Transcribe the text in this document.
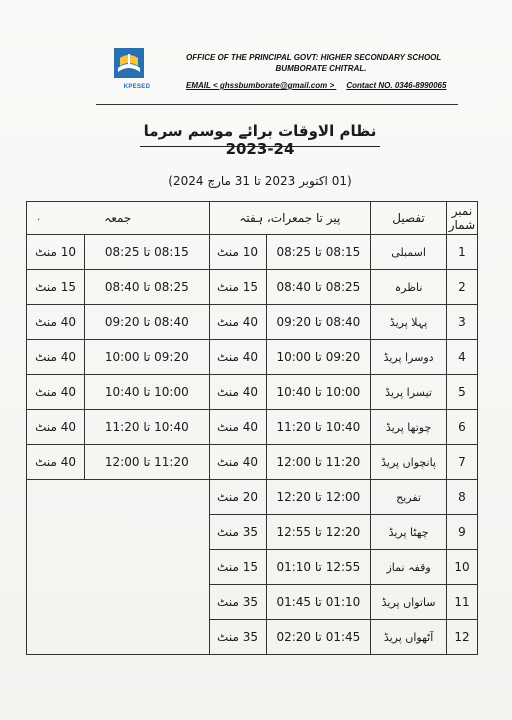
KPESED
OFFICE OF THE PRINCIPAL GOVT: HIGHER SECONDARY SCHOOL
BUMBORATE CHITRAL.
EMAIL < ghssbumborate@gmail.com > Contact NO. 0346-8990065
نظام الاوقات برائے موسم سرما 24-2023
(01 اکتوبر 2023 تا 31 مارچ 2024)
نمبر شمار	تفصیل	پیر تا جمعرات، ہفتہ		جمعہ
.	

1	اسمبلی	08:15 تا 08:25	10 منٹ	08:15 تا 08:25	10 منٹ
2	ناظرہ	08:25 تا 08:40	15 منٹ	08:25 تا 08:40	15 منٹ
3	پہلا پریڈ	08:40 تا 09:20	40 منٹ	08:40 تا 09:20	40 منٹ
4	دوسرا پریڈ	09:20 تا 10:00	40 منٹ	09:20 تا 10:00	40 منٹ
5	تیسرا پریڈ	10:00 تا 10:40	40 منٹ	10:00 تا 10:40	40 منٹ
6	چوتھا پریڈ	10:40 تا 11:20	40 منٹ	10:40 تا 11:20	40 منٹ
7	پانچواں پریڈ	11:20 تا 12:00	40 منٹ	11:20 تا 12:00	40 منٹ
8	تفریح	12:00 تا 12:20	20 منٹ		
9	چھٹا پریڈ	12:20 تا 12:55	35 منٹ		
10	وقفہ نماز	12:55 تا 01:10	15 منٹ		
11	ساتواں پریڈ	01:10 تا 01:45	35 منٹ		
12	آٹھواں پریڈ	01:45 تا 02:20	35 منٹ		
